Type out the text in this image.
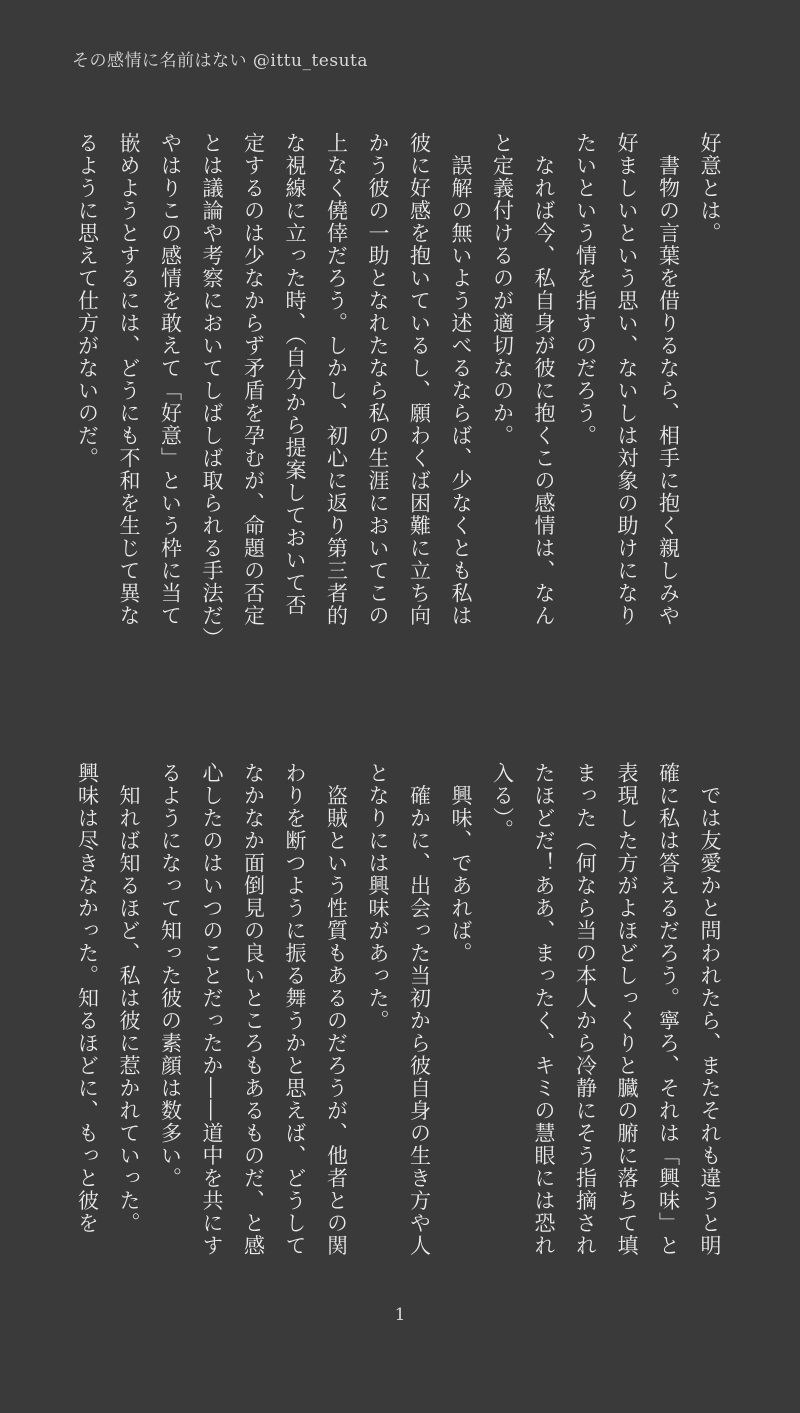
その感情に名前はない @ittu_tesuta
好意とは。
　書物の言葉を借りるなら、相手に抱く親しみや
好ましいという思い、ないしは対象の助けになり
たいという情を指すのだろう。
　なれば今、私自身が彼に抱くこの感情は、なん
と定義付けるのが適切なのか。
　誤解の無いよう述べるならば、少なくとも私は
彼に好感を抱いているし、願わくば困難に立ち向
かう彼の一助となれたなら私の生涯においてこの
上なく僥倖だろう。しかし、初心に返り第三者的
な視線に立った時、（自分から提案しておいて否
定するのは少なからず矛盾を孕むが、命題の否定
とは議論や考察においてしばしば取られる手法だ）
やはりこの感情を敢えて「好意」という枠に当て
嵌めようとするには、どうにも不和を生じて異な
るように思えて仕方がないのだ。
　では友愛かと問われたら、またそれも違うと明
確に私は答えるだろう。寧ろ、それは「興味」と
表現した方がよほどしっくりと臓の腑に落ちて填
まった（何なら当の本人から冷静にそう指摘され
たほどだ！ああ、まったく、キミの慧眼には恐れ
入る）。
　興味、であれば。
　確かに、出会った当初から彼自身の生き方や人
となりには興味があった。
　盗賊という性質もあるのだろうが、他者との関
わりを断つように振る舞うかと思えば、どうして
なかなか面倒見の良いところもあるものだ、と感
心したのはいつのことだったか――道中を共にす
るようになって知った彼の素顔は数多い。
　知れば知るほど、私は彼に惹かれていった。
興味は尽きなかった。知るほどに、もっと彼を
1
